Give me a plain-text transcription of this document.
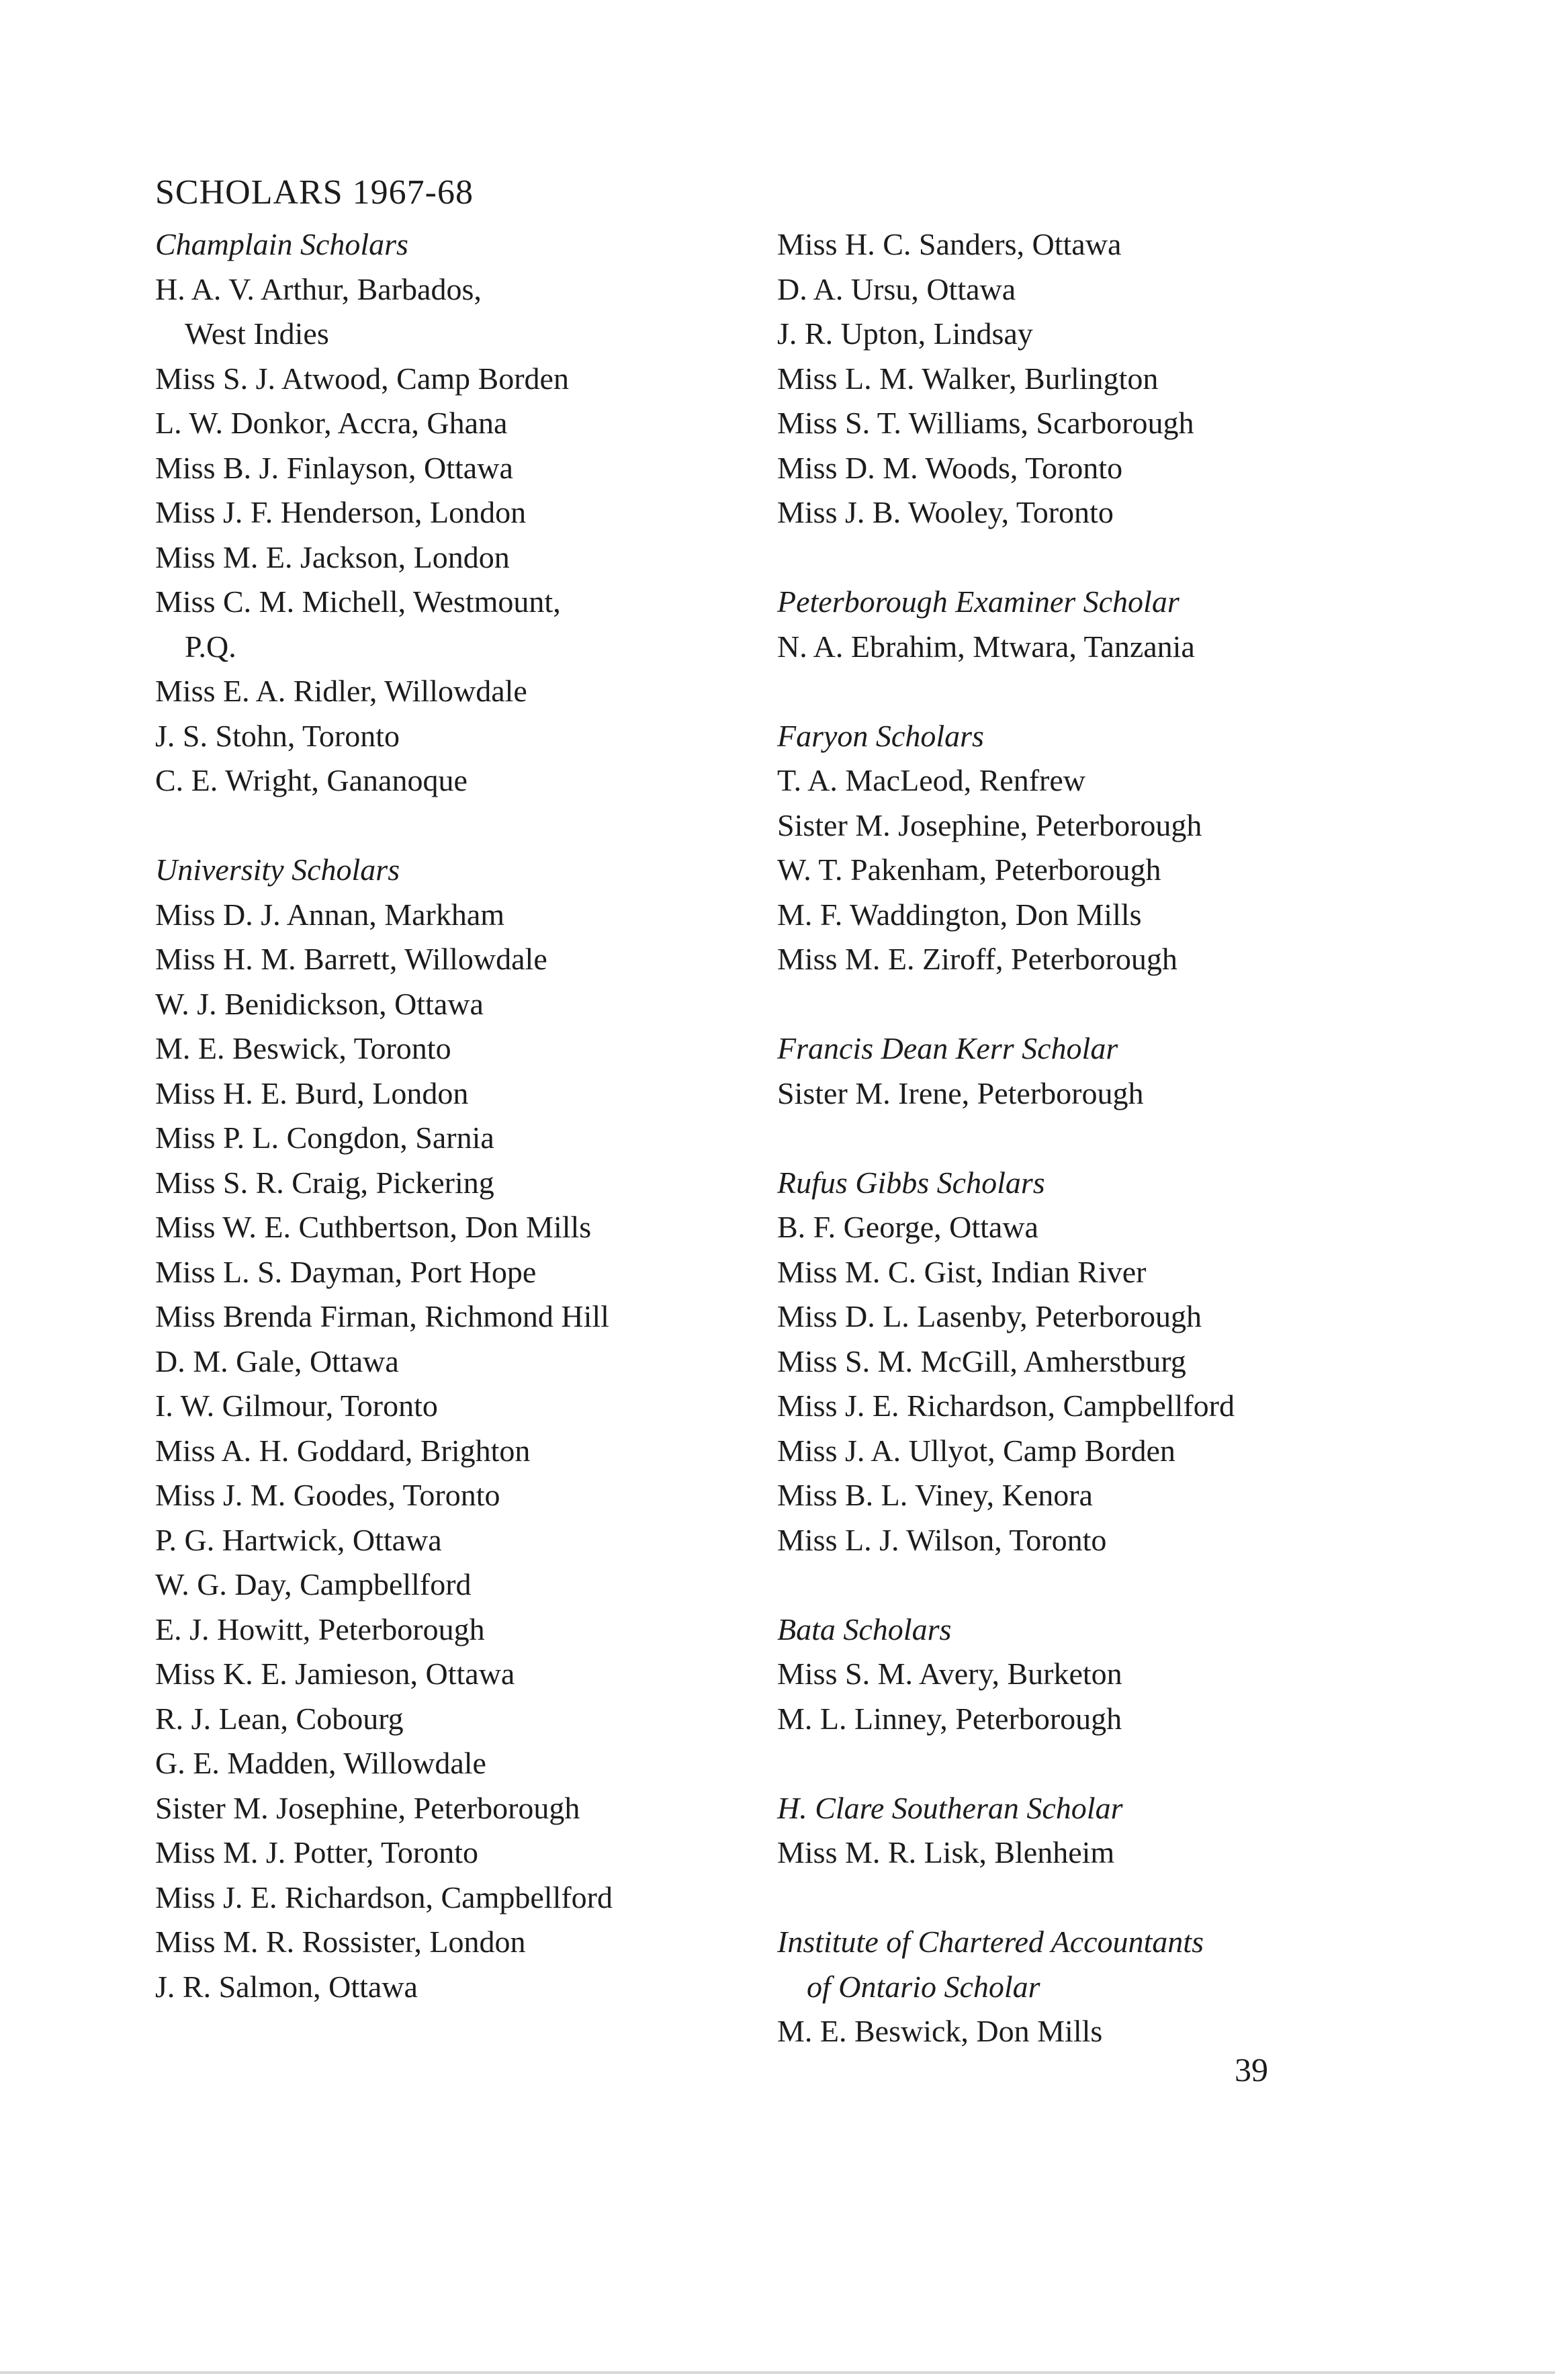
SCHOLARS 1967-68
Champlain Scholars
H. A. V. Arthur, Barbados,
West Indies
Miss S. J. Atwood, Camp Borden
L. W. Donkor, Accra, Ghana
Miss B. J. Finlayson, Ottawa
Miss J. F. Henderson, London
Miss M. E. Jackson, London
Miss C. M. Michell, Westmount,
P.Q.
Miss E. A. Ridler, Willowdale
J. S. Stohn, Toronto
C. E. Wright, Gananoque
University Scholars
Miss D. J. Annan, Markham
Miss H. M. Barrett, Willowdale
W. J. Benidickson, Ottawa
M. E. Beswick, Toronto
Miss H. E. Burd, London
Miss P. L. Congdon, Sarnia
Miss S. R. Craig, Pickering
Miss W. E. Cuthbertson, Don Mills
Miss L. S. Dayman, Port Hope
Miss Brenda Firman, Richmond Hill
D. M. Gale, Ottawa
I. W. Gilmour, Toronto
Miss A. H. Goddard, Brighton
Miss J. M. Goodes, Toronto
P. G. Hartwick, Ottawa
W. G. Day, Campbellford
E. J. Howitt, Peterborough
Miss K. E. Jamieson, Ottawa
R. J. Lean, Cobourg
G. E. Madden, Willowdale
Sister M. Josephine, Peterborough
Miss M. J. Potter, Toronto
Miss J. E. Richardson, Campbellford
Miss M. R. Rossister, London
J. R. Salmon, Ottawa
Miss H. C. Sanders, Ottawa
D. A. Ursu, Ottawa
J. R. Upton, Lindsay
Miss L. M. Walker, Burlington
Miss S. T. Williams, Scarborough
Miss D. M. Woods, Toronto
Miss J. B. Wooley, Toronto
Peterborough Examiner Scholar
N. A. Ebrahim, Mtwara, Tanzania
Faryon Scholars
T. A. MacLeod, Renfrew
Sister M. Josephine, Peterborough
W. T. Pakenham, Peterborough
M. F. Waddington, Don Mills
Miss M. E. Ziroff, Peterborough
Francis Dean Kerr Scholar
Sister M. Irene, Peterborough
Rufus Gibbs Scholars
B. F. George, Ottawa
Miss M. C. Gist, Indian River
Miss D. L. Lasenby, Peterborough
Miss S. M. McGill, Amherstburg
Miss J. E. Richardson, Campbellford
Miss J. A. Ullyot, Camp Borden
Miss B. L. Viney, Kenora
Miss L. J. Wilson, Toronto
Bata Scholars
Miss S. M. Avery, Burketon
M. L. Linney, Peterborough
H. Clare Southeran Scholar
Miss M. R. Lisk, Blenheim
Institute of Chartered Accountants
of Ontario Scholar
M. E. Beswick, Don Mills
39
